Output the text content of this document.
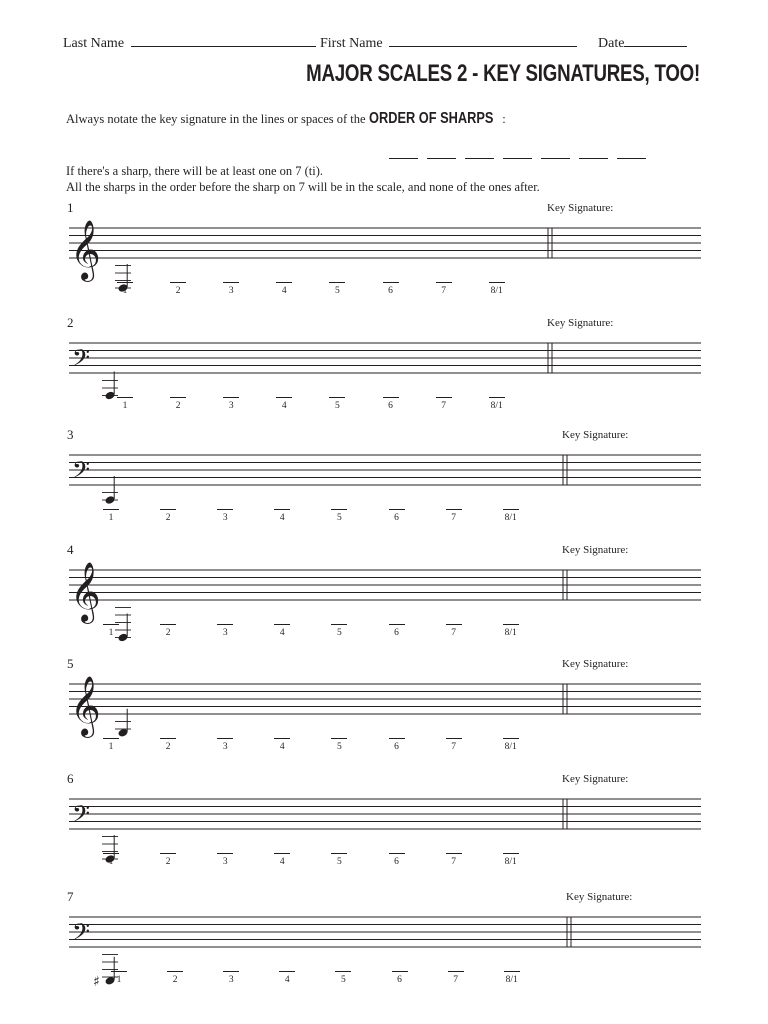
Last Name	First Name	Date
MAJOR SCALES 2 - KEY SIGNATURES, TOO!
Always notate the key signature in the lines or spaces of the ORDER OF SHARPS :
If there's a sharp, there will be at least one on 7 (ti).
All the sharps in the order before the sharp on 7 will be in the scale, and none of the ones after.
1	Key Signature:
𝄞
1	2	3	4	5	6	7	8/1
2	Key Signature:
𝄢
1	2	3	4	5	6	7	8/1
3	Key Signature:
𝄢
1	2	3	4	5	6	7	8/1
4	Key Signature:
𝄞
1	2	3	4	5	6	7	8/1
5	Key Signature:
𝄞
1	2	3	4	5	6	7	8/1
6	Key Signature:
𝄢
1	2	3	4	5	6	7	8/1
7	Key Signature:
𝄢
♯	1	2	3	4	5	6	7	8/1
